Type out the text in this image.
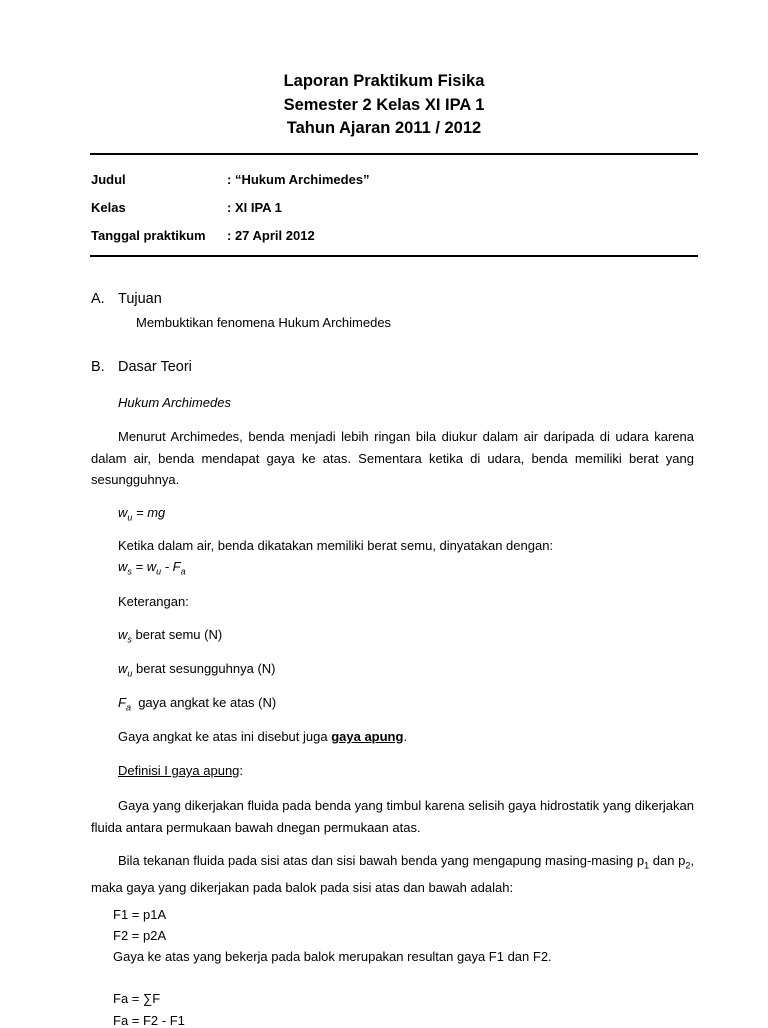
Laporan Praktikum Fisika
Semester 2 Kelas XI IPA 1
Tahun Ajaran 2011 / 2012
Judul	: “Hukum Archimedes”
Kelas	: XI IPA 1
Tanggal praktikum : 27 April 2012
A. Tujuan
Membuktikan fenomena Hukum Archimedes
B. Dasar Teori
Hukum Archimedes
Menurut Archimedes, benda menjadi lebih ringan bila diukur dalam air daripada di udara karena dalam air, benda mendapat gaya ke atas. Sementara ketika di udara, benda memiliki berat yang sesungguhnya.
$w_u$ = mg
Ketika dalam air, benda dikatakan memiliki berat semu, dinyatakan dengan:
$w_s = w_u - F_a$
Keterangan:
$w_s$ berat semu (N)
$w_u$ berat sesungguhnya (N)
$F_a$  gaya angkat ke atas (N)
Gaya angkat ke atas ini disebut juga gaya apung.
Definisi I gaya apung:
Gaya yang dikerjakan fluida pada benda yang timbul karena selisih gaya hidrostatik yang dikerjakan fluida antara permukaan bawah dnegan permukaan atas.
Bila tekanan fluida pada sisi atas dan sisi bawah benda yang mengapung masing-masing $p_1$ dan $p_2$, maka gaya yang dikerjakan pada balok pada sisi atas dan bawah adalah:
F1 = p1A
F2 = p2A
Gaya ke atas yang bekerja pada balok merupakan resultan gaya F1 dan F2.
Fa = ∑F
Fa = F2 - F1
